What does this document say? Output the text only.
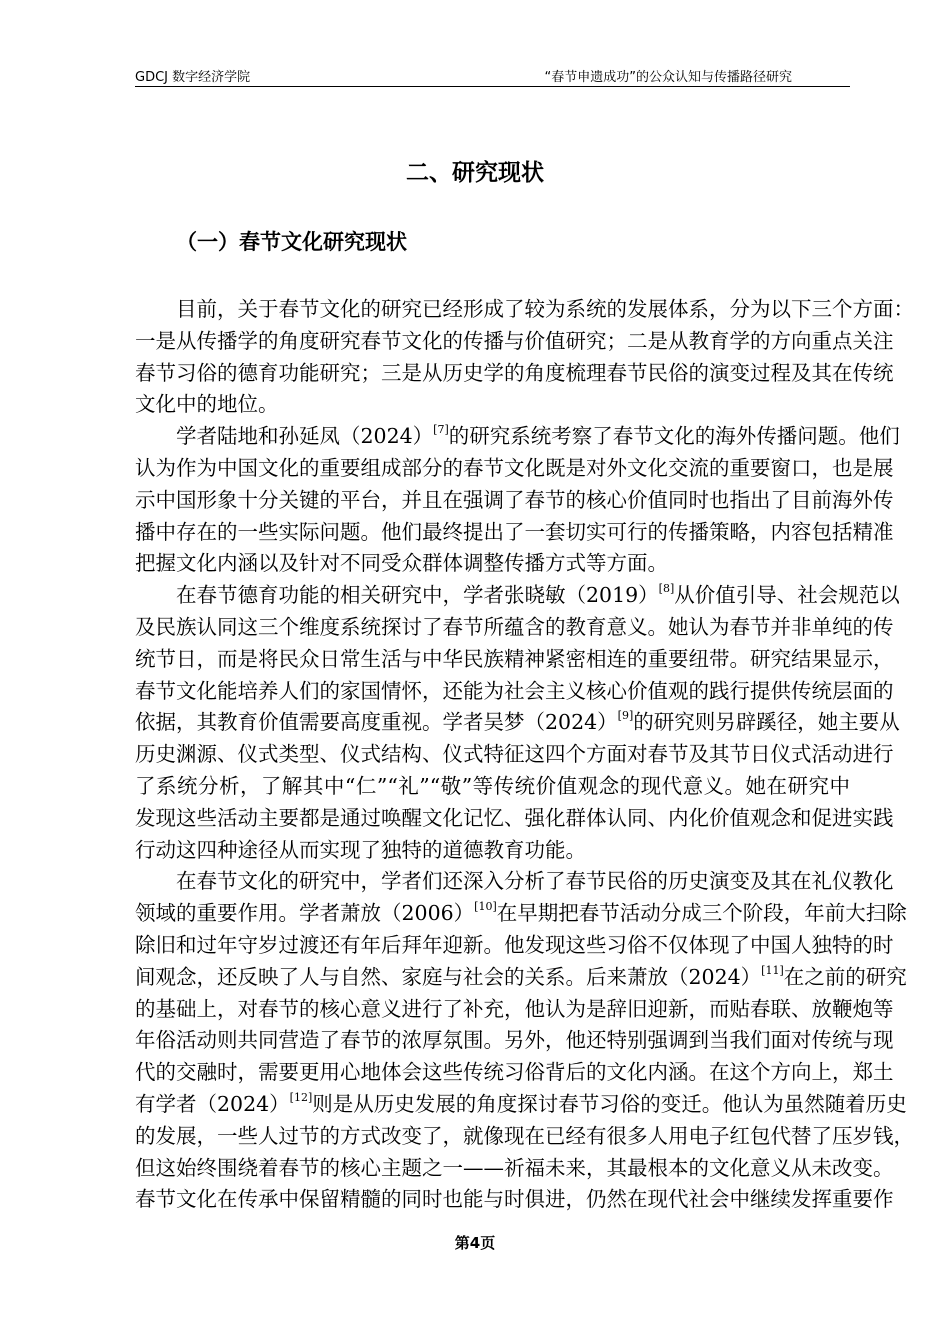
GDCJ 数字经济学院	“春节申遗成功”的公众认知与传播路径研究
二、研究现状
（一）春节文化研究现状
目前，关于春节文化的研究已经形成了较为系统的发展体系，分为以下三个方面：
一是从传播学的角度研究春节文化的传播与价值研究；二是从教育学的方向重点关注
春节习俗的德育功能研究；三是从历史学的角度梳理春节民俗的演变过程及其在传统
文化中的地位。
学者陆地和孙延凤（2024）[7]的研究系统考察了春节文化的海外传播问题。他们
认为作为中国文化的重要组成部分的春节文化既是对外文化交流的重要窗口，也是展
示中国形象十分关键的平台，并且在强调了春节的核心价值同时也指出了目前海外传
播中存在的一些实际问题。他们最终提出了一套切实可行的传播策略，内容包括精准
把握文化内涵以及针对不同受众群体调整传播方式等方面。
在春节德育功能的相关研究中，学者张晓敏（2019）[8]从价值引导、社会规范以
及民族认同这三个维度系统探讨了春节所蕴含的教育意义。她认为春节并非单纯的传
统节日，而是将民众日常生活与中华民族精神紧密相连的重要纽带。研究结果显示，
春节文化能培养人们的家国情怀，还能为社会主义核心价值观的践行提供传统层面的
依据，其教育价值需要高度重视。学者吴梦（2024）[9]的研究则另辟蹊径，她主要从
历史渊源、仪式类型、仪式结构、仪式特征这四个方面对春节及其节日仪式活动进行
了系统分析，了解其中“仁”“礼”“敬”等传统价值观念的现代意义。她在研究中
发现这些活动主要都是通过唤醒文化记忆、强化群体认同、内化价值观念和促进实践
行动这四种途径从而实现了独特的道德教育功能。
在春节文化的研究中，学者们还深入分析了春节民俗的历史演变及其在礼仪教化
领域的重要作用。学者萧放（2006）[10]在早期把春节活动分成三个阶段，年前大扫除
除旧和过年守岁过渡还有年后拜年迎新。他发现这些习俗不仅体现了中国人独特的时
间观念，还反映了人与自然、家庭与社会的关系。后来萧放（2024）[11]在之前的研究
的基础上，对春节的核心意义进行了补充，他认为是辞旧迎新，而贴春联、放鞭炮等
年俗活动则共同营造了春节的浓厚氛围。另外，他还特别强调到当我们面对传统与现
代的交融时，需要更用心地体会这些传统习俗背后的文化内涵。在这个方向上，郑土
有学者（2024）[12]则是从历史发展的角度探讨春节习俗的变迁。他认为虽然随着历史
的发展，一些人过节的方式改变了，就像现在已经有很多人用电子红包代替了压岁钱，
但这始终围绕着春节的核心主题之一——祈福未来，其最根本的文化意义从未改变。
春节文化在传承中保留精髓的同时也能与时俱进，仍然在现代社会中继续发挥重要作
第4页
